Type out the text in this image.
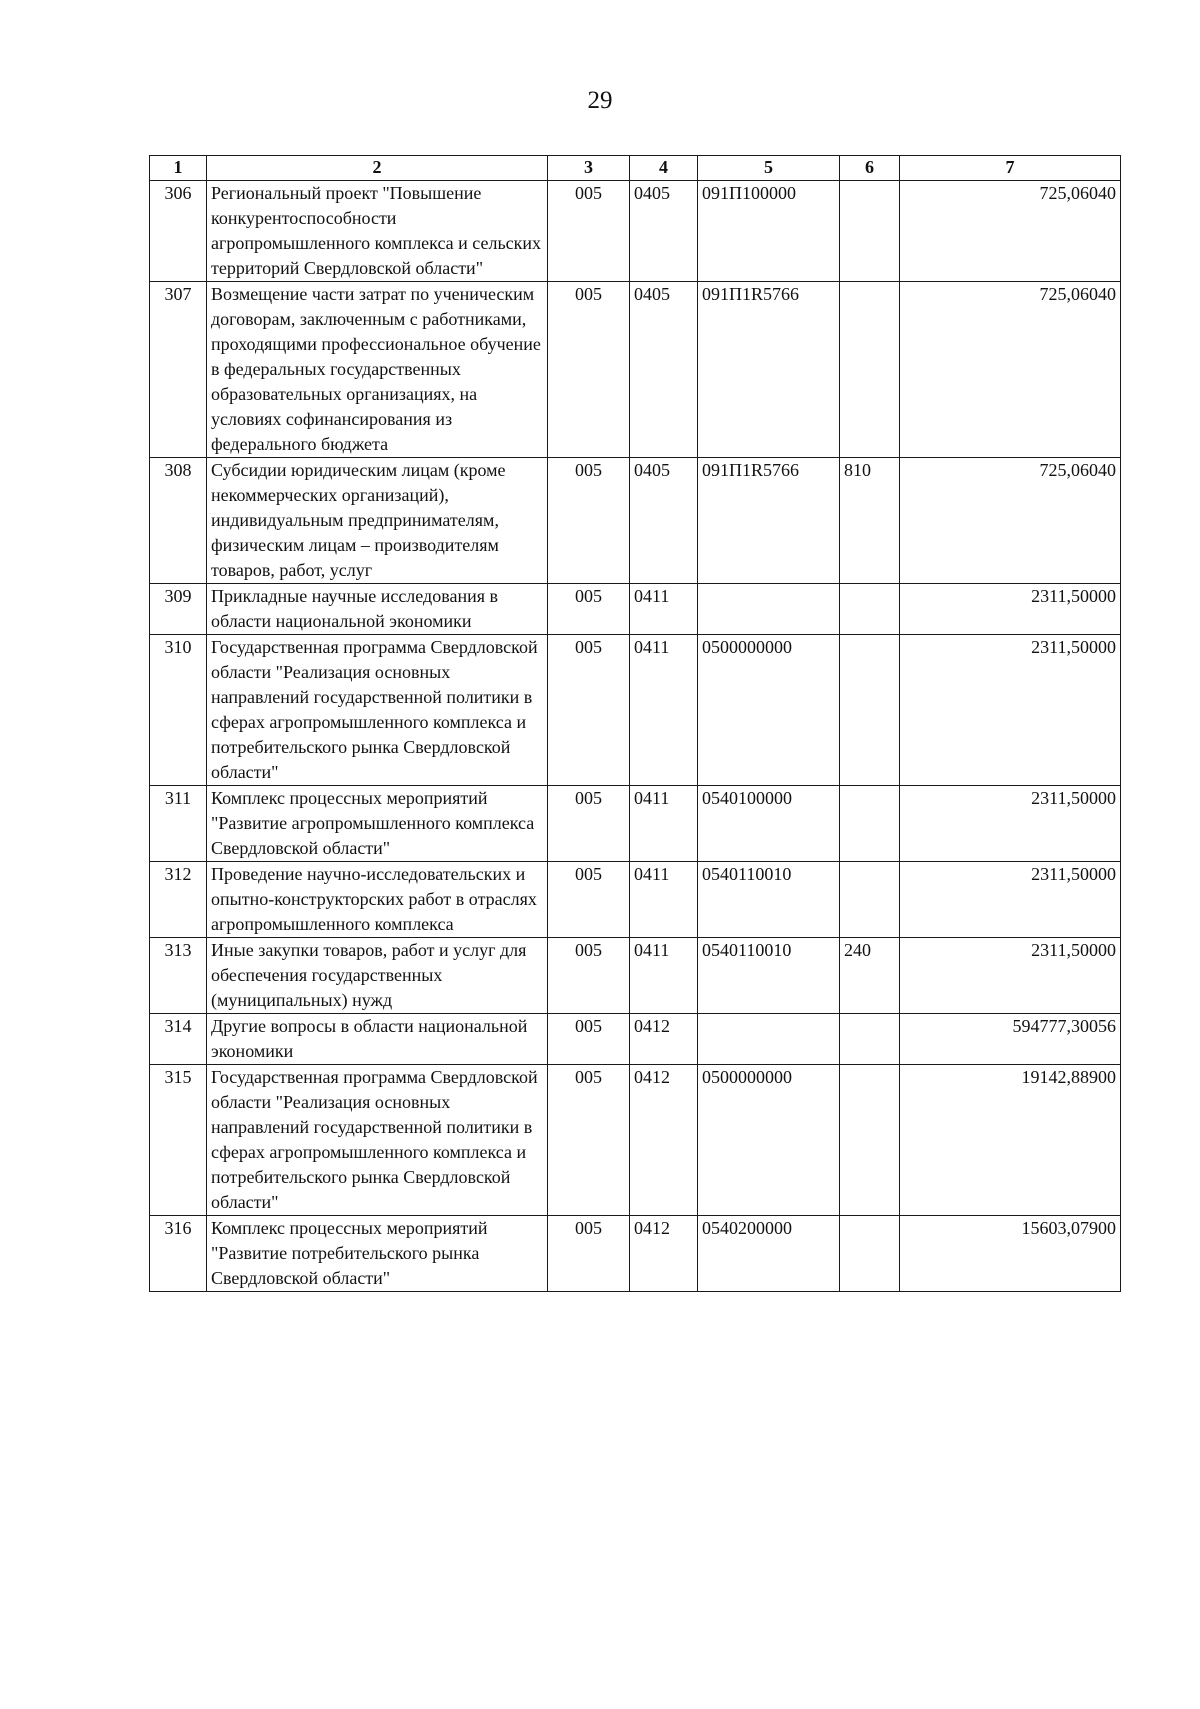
29
1	2	3	4	5	6	7
306	Региональный проект "Повышение конкурентоспособности агропромышленного комплекса и сельских территорий Свердловской области"	005	0405	091П100000		725,06040
307	Возмещение части затрат по ученическим договорам, заключенным с работниками, проходящими профессиональное обучение в федеральных государственных образовательных организациях, на условиях софинансирования из федерального бюджета	005	0405	091П1R5766		725,06040
308	Субсидии юридическим лицам (кроме некоммерческих организаций), индивидуальным предпринимателям, физическим лицам – производителям товаров, работ, услуг	005	0405	091П1R5766	810	725,06040
309	Прикладные научные исследования в области национальной экономики	005	0411			2311,50000
310	Государственная программа Свердловской области "Реализация основных направлений государственной политики в сферах агропромышленного комплекса и потребительского рынка Свердловской области"	005	0411	0500000000		2311,50000
311	Комплекс процессных мероприятий "Развитие агропромышленного комплекса Свердловской области"	005	0411	0540100000		2311,50000
312	Проведение научно-исследовательских и опытно-конструкторских работ в отраслях агропромышленного комплекса	005	0411	0540110010		2311,50000
313	Иные закупки товаров, работ и услуг для обеспечения государственных (муниципальных) нужд	005	0411	0540110010	240	2311,50000
314	Другие вопросы в области национальной экономики	005	0412			594777,30056
315	Государственная программа Свердловской области "Реализация основных направлений государственной политики в сферах агропромышленного комплекса и потребительского рынка Свердловской области"	005	0412	0500000000		19142,88900
316	Комплекс процессных мероприятий "Развитие потребительского рынка Свердловской области"	005	0412	0540200000		15603,07900
